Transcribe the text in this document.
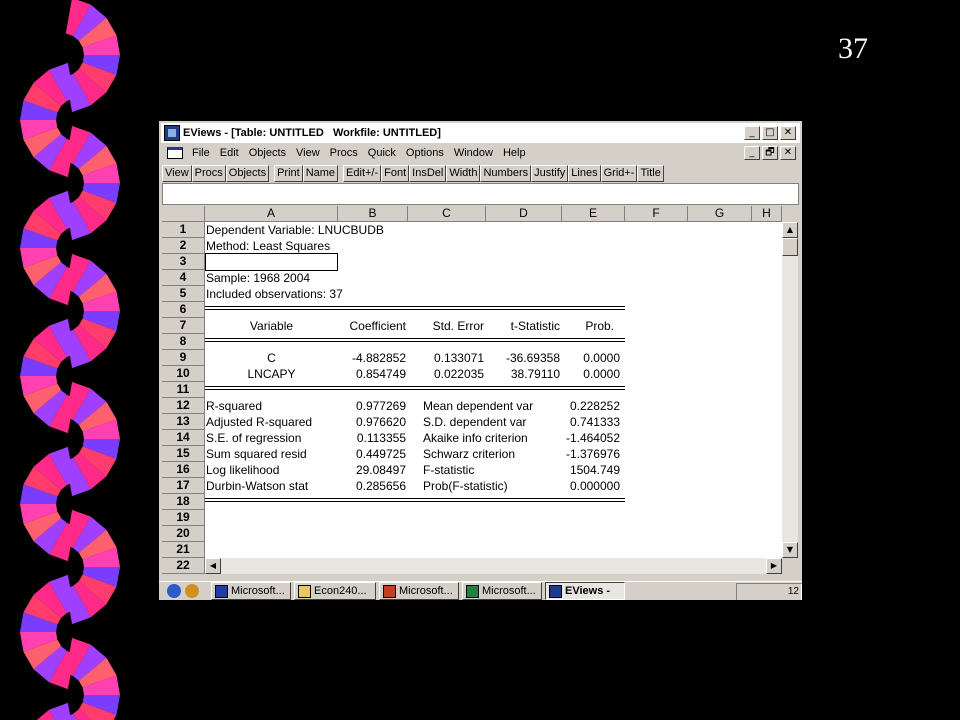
37
EViews - [Table: UNTITLED   Workfile: UNTITLED]	_	□ ✕
File Edit Objects View Procs Quick Options Window Help	_	🗗 ✕
View Procs Objects Print Name Edit+/- Font InsDel Width Numbers Justify Lines Grid+- Title
A	B	C	D	E	F	G	H
1
2
3
4
5
6
7
8
9
10
11
12
13
14
15
16
17
18
19
20
21
22
Dependent Variable: LNUCBUDB
Method: Least Squares
Sample: 1968 2004
Included observations: 37
Variable	Coefficient	Std. Error	t-Statistic	Prob.
C	-4.882852	0.133071	-36.69358	0.0000
LNCAPY	0.854749	0.022035	38.79110	0.0000
R-squared	0.977269 Mean dependent var	0.228252
Adjusted R-squared	0.976620 S.D. dependent var	0.741333
S.E. of regression	0.113355 Akaike info criterion	-1.464052
Sum squared resid	0.449725 Schwarz criterion	-1.376976
Log likelihood	29.08497 F-statistic	1504.749
Durbin-Watson stat	0.285656 Prob(F-statistic)	0.000000
▲
▼
◀	▶
Microsoft...	Econ240...	Microsoft...	Microsoft...	EViews -	12
